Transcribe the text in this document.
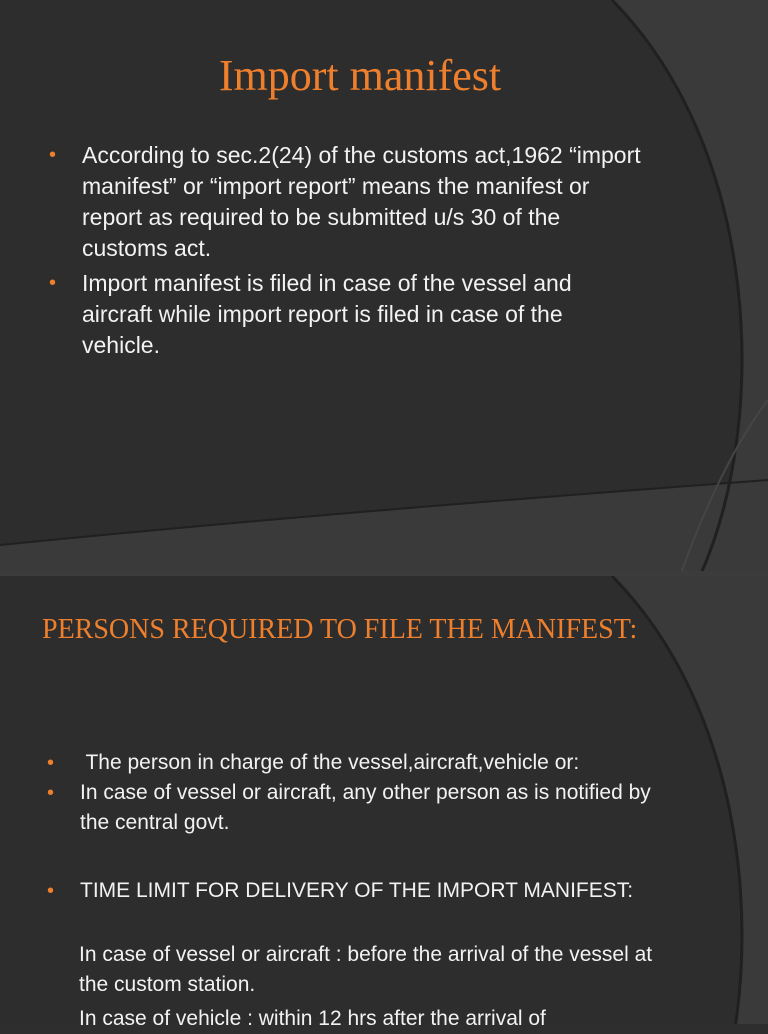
Import manifest
• According to sec.2(24) of the customs act,1962 “import manifest” or “import report” means the manifest or report as required to be submitted u/s 30 of the customs act.
• Import manifest is filed in case of the vessel and aircraft while import report is filed in case of the vehicle.
PERSONS REQUIRED TO FILE THE MANIFEST:
• The person in charge of the vessel,aircraft,vehicle or:
• In case of vessel or aircraft, any other person as is notified by the central govt.
• TIME LIMIT FOR DELIVERY OF THE IMPORT MANIFEST:

In case of vessel or aircraft : before the arrival of the vessel at the custom station.

In case of vehicle : within 12 hrs after the arrival of
